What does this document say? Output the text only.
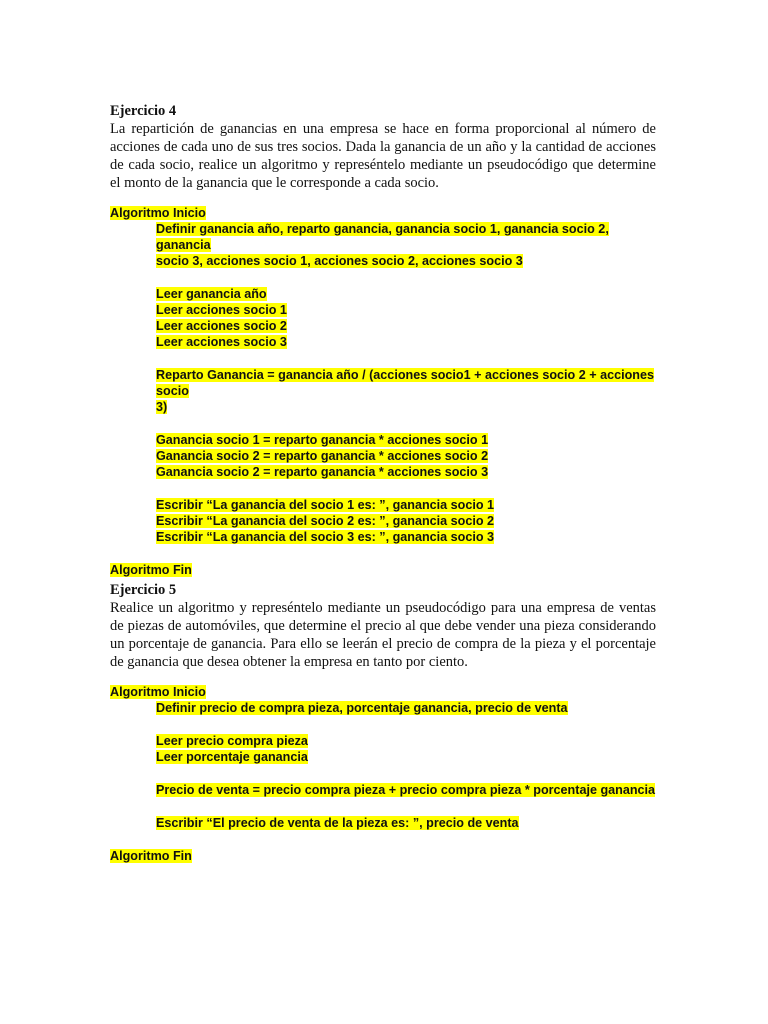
Ejercicio 4

La repartición de ganancias en una empresa se hace en forma proporcional al número de acciones de cada uno de sus tres socios. Dada la ganancia de un año y la cantidad de acciones de cada socio, realice un algoritmo y represéntelo mediante un pseudocódigo que determine el monto de la ganancia que le corresponde a cada socio.

Algoritmo Inicio

Definir ganancia año, reparto ganancia, ganancia socio 1, ganancia socio 2, ganancia

socio 3, acciones socio 1, acciones socio 2, acciones socio 3

Leer ganancia año

Leer acciones socio 1

Leer acciones socio 2

Leer acciones socio 3

Reparto Ganancia = ganancia año / (acciones socio1 + acciones socio 2 + acciones socio

3)

Ganancia socio 1 = reparto ganancia * acciones socio 1

Ganancia socio 2 = reparto ganancia * acciones socio 2

Ganancia socio 2 = reparto ganancia * acciones socio 3

Escribir “La ganancia del socio 1 es: ”, ganancia socio 1

Escribir “La ganancia del socio 2 es: ”, ganancia socio 2

Escribir “La ganancia del socio 3 es: ”, ganancia socio 3

Algoritmo Fin

Ejercicio 5

Realice un algoritmo y represéntelo mediante un pseudocódigo para una empresa de ventas de piezas de automóviles, que determine el precio al que debe vender una pieza considerando un porcentaje de ganancia. Para ello se leerán el precio de compra de la pieza y el porcentaje de ganancia que desea obtener la empresa en tanto por ciento.

Algoritmo Inicio

Definir precio de compra pieza, porcentaje ganancia, precio de venta

Leer precio compra pieza

Leer porcentaje ganancia

Precio de venta = precio compra pieza + precio compra pieza * porcentaje ganancia

Escribir “El precio de venta de la pieza es: ”, precio de venta

Algoritmo Fin
